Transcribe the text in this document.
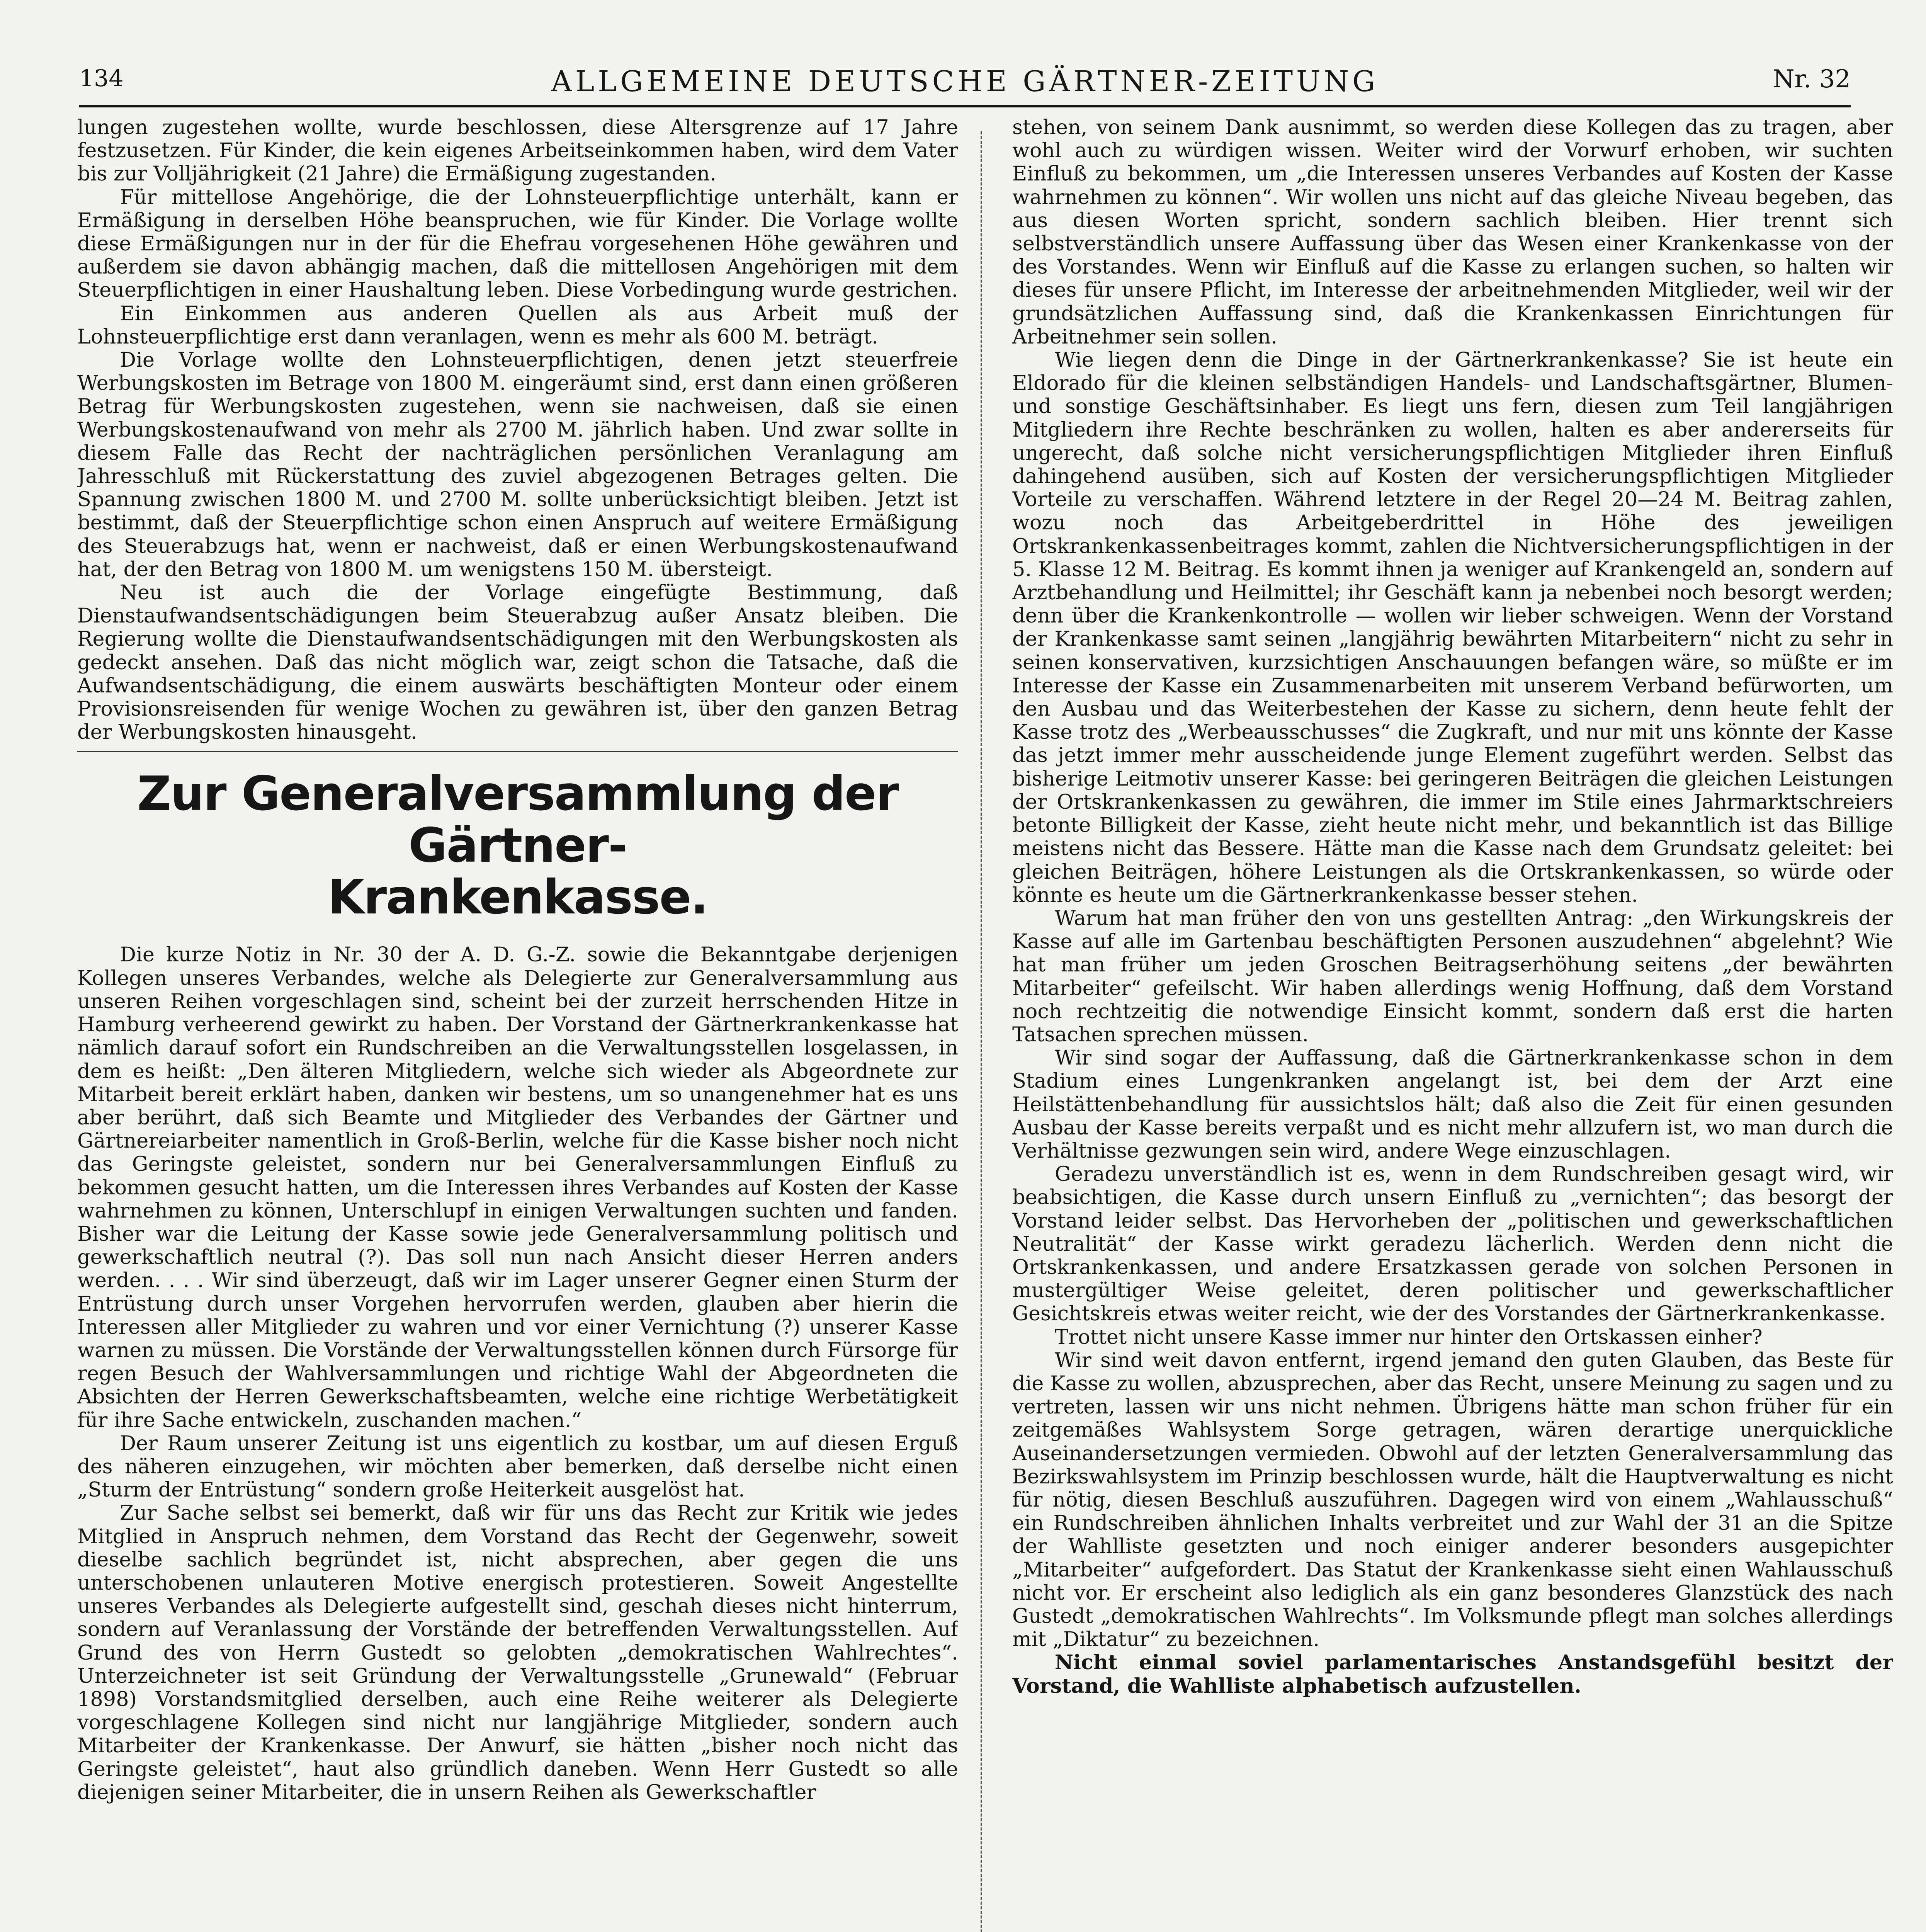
134	ALLGEMEINE DEUTSCHE GÄRTNER-ZEITUNG	Nr. 32

lungen zugestehen wollte, wurde beschlossen, diese Altersgrenze auf 17 Jahre festzusetzen. Für Kinder, die kein eigenes Arbeitseinkommen haben, wird dem Vater bis zur Volljährigkeit (21 Jahre) die Ermäßigung zugestanden.

Für mittellose Angehörige, die der Lohnsteuerpflichtige unterhält, kann er Ermäßigung in derselben Höhe beanspruchen, wie für Kinder. Die Vorlage wollte diese Ermäßigungen nur in der für die Ehefrau vorgesehenen Höhe gewähren und außerdem sie davon abhängig machen, daß die mittellosen Angehörigen mit dem Steuerpflichtigen in einer Haushaltung leben. Diese Vorbedingung wurde gestrichen.

Ein Einkommen aus anderen Quellen als aus Arbeit muß der Lohnsteuerpflichtige erst dann veranlagen, wenn es mehr als 600 M. beträgt.

Die Vorlage wollte den Lohnsteuerpflichtigen, denen jetzt steuerfreie Werbungskosten im Betrage von 1800 M. eingeräumt sind, erst dann einen größeren Betrag für Werbungskosten zugestehen, wenn sie nachweisen, daß sie einen Werbungskostenaufwand von mehr als 2700 M. jährlich haben. Und zwar sollte in diesem Falle das Recht der nachträglichen persönlichen Veranlagung am Jahresschluß mit Rückerstattung des zuviel abgezogenen Betrages gelten. Die Spannung zwischen 1800 M. und 2700 M. sollte unberücksichtigt bleiben. Jetzt ist bestimmt, daß der Steuerpflichtige schon einen Anspruch auf weitere Ermäßigung des Steuerabzugs hat, wenn er nachweist, daß er einen Werbungskostenaufwand hat, der den Betrag von 1800 M. um wenigstens 150 M. übersteigt.

Neu ist auch die der Vorlage eingefügte Bestimmung, daß Dienstaufwandsentschädigungen beim Steuerabzug außer Ansatz bleiben. Die Regierung wollte die Dienstaufwandsentschädigungen mit den Werbungskosten als gedeckt ansehen. Daß das nicht möglich war, zeigt schon die Tatsache, daß die Aufwandsentschädigung, die einem auswärts beschäftigten Monteur oder einem Provisionsreisenden für wenige Wochen zu gewähren ist, über den ganzen Betrag der Werbungskosten hinausgeht.

Zur Generalversammlung der Gärtner-
Krankenkasse.

Die kurze Notiz in Nr. 30 der A. D. G.-Z. sowie die Bekanntgabe derjenigen Kollegen unseres Verbandes, welche als Delegierte zur Generalversammlung aus unseren Reihen vorgeschlagen sind, scheint bei der zurzeit herrschenden Hitze in Hamburg verheerend gewirkt zu haben. Der Vorstand der Gärtnerkrankenkasse hat nämlich darauf sofort ein Rundschreiben an die Verwaltungsstellen losgelassen, in dem es heißt: „Den älteren Mitgliedern, welche sich wieder als Abgeordnete zur Mitarbeit bereit erklärt haben, danken wir bestens, um so unangenehmer hat es uns aber berührt, daß sich Beamte und Mitglieder des Verbandes der Gärtner und Gärtnereiarbeiter namentlich in Groß-Berlin, welche für die Kasse bisher noch nicht das Geringste geleistet, sondern nur bei Generalversammlungen Einfluß zu bekommen gesucht hatten, um die Interessen ihres Verbandes auf Kosten der Kasse wahrnehmen zu können, Unterschlupf in einigen Verwaltungen suchten und fanden. Bisher war die Leitung der Kasse sowie jede Generalversammlung politisch und gewerkschaftlich neutral (?). Das soll nun nach Ansicht dieser Herren anders werden. . . . Wir sind überzeugt, daß wir im Lager unserer Gegner einen Sturm der Entrüstung durch unser Vorgehen hervorrufen werden, glauben aber hierin die Interessen aller Mitglieder zu wahren und vor einer Vernichtung (?) unserer Kasse warnen zu müssen. Die Vorstände der Verwaltungsstellen können durch Fürsorge für regen Besuch der Wahlversammlungen und richtige Wahl der Abgeordneten die Absichten der Herren Gewerkschaftsbeamten, welche eine richtige Werbetätigkeit für ihre Sache entwickeln, zuschanden machen.“

Der Raum unserer Zeitung ist uns eigentlich zu kostbar, um auf diesen Erguß des näheren einzugehen, wir möchten aber bemerken, daß derselbe nicht einen „Sturm der Entrüstung“ sondern große Heiterkeit ausgelöst hat.

Zur Sache selbst sei bemerkt, daß wir für uns das Recht zur Kritik wie jedes Mitglied in Anspruch nehmen, dem Vorstand das Recht der Gegenwehr, soweit dieselbe sachlich begründet ist, nicht absprechen, aber gegen die uns unterschobenen unlauteren Motive energisch protestieren. Soweit Angestellte unseres Verbandes als Delegierte aufgestellt sind, geschah dieses nicht hinterrum, sondern auf Veranlassung der Vorstände der betreffenden Verwaltungsstellen. Auf Grund des von Herrn Gustedt so gelobten „demokratischen Wahlrechtes“. Unterzeichneter ist seit Gründung der Verwaltungsstelle „Grunewald“ (Februar 1898) Vorstandsmitglied derselben, auch eine Reihe weiterer als Delegierte vorgeschlagene Kollegen sind nicht nur langjährige Mitglieder, sondern auch Mitarbeiter der Krankenkasse. Der Anwurf, sie hätten „bisher noch nicht das Geringste geleistet“, haut also gründlich daneben. Wenn Herr Gustedt so alle diejenigen seiner Mitarbeiter, die in unsern Reihen als Gewerkschaftler

stehen, von seinem Dank ausnimmt, so werden diese Kollegen das zu tragen, aber wohl auch zu würdigen wissen. Weiter wird der Vorwurf erhoben, wir suchten Einfluß zu bekommen, um „die Interessen unseres Verbandes auf Kosten der Kasse wahrnehmen zu können“. Wir wollen uns nicht auf das gleiche Niveau begeben, das aus diesen Worten spricht, sondern sachlich bleiben. Hier trennt sich selbstverständlich unsere Auffassung über das Wesen einer Krankenkasse von der des Vorstandes. Wenn wir Einfluß auf die Kasse zu erlangen suchen, so halten wir dieses für unsere Pflicht, im Interesse der arbeitnehmenden Mitglieder, weil wir der grundsätzlichen Auffassung sind, daß die Krankenkassen Einrichtungen für Arbeitnehmer sein sollen.

Wie liegen denn die Dinge in der Gärtnerkrankenkasse? Sie ist heute ein Eldorado für die kleinen selbständigen Handels- und Landschaftsgärtner, Blumen- und sonstige Geschäftsinhaber. Es liegt uns fern, diesen zum Teil langjährigen Mitgliedern ihre Rechte beschränken zu wollen, halten es aber andererseits für ungerecht, daß solche nicht versicherungspflichtigen Mitglieder ihren Einfluß dahingehend ausüben, sich auf Kosten der versicherungspflichtigen Mitglieder Vorteile zu verschaffen. Während letztere in der Regel 20—24 M. Beitrag zahlen, wozu noch das Arbeitgeberdrittel in Höhe des jeweiligen Ortskrankenkassenbeitrages kommt, zahlen die Nichtversicherungspflichtigen in der 5. Klasse 12 M. Beitrag. Es kommt ihnen ja weniger auf Krankengeld an, sondern auf Arztbehandlung und Heilmittel; ihr Geschäft kann ja nebenbei noch besorgt werden; denn über die Krankenkontrolle — wollen wir lieber schweigen. Wenn der Vorstand der Krankenkasse samt seinen „langjährig bewährten Mitarbeitern“ nicht zu sehr in seinen konservativen, kurzsichtigen Anschauungen befangen wäre, so müßte er im Interesse der Kasse ein Zusammenarbeiten mit unserem Verband befürworten, um den Ausbau und das Weiterbestehen der Kasse zu sichern, denn heute fehlt der Kasse trotz des „Werbeausschusses“ die Zugkraft, und nur mit uns könnte der Kasse das jetzt immer mehr ausscheidende junge Element zugeführt werden. Selbst das bisherige Leitmotiv unserer Kasse: bei geringeren Beiträgen die gleichen Leistungen der Ortskrankenkassen zu gewähren, die immer im Stile eines Jahrmarktschreiers betonte Billigkeit der Kasse, zieht heute nicht mehr, und bekanntlich ist das Billige meistens nicht das Bessere. Hätte man die Kasse nach dem Grundsatz geleitet: bei gleichen Beiträgen, höhere Leistungen als die Ortskrankenkassen, so würde oder könnte es heute um die Gärtnerkrankenkasse besser stehen.

Warum hat man früher den von uns gestellten Antrag: „den Wirkungskreis der Kasse auf alle im Gartenbau beschäftigten Personen auszudehnen“ abgelehnt? Wie hat man früher um jeden Groschen Beitragserhöhung seitens „der bewährten Mitarbeiter“ gefeilscht. Wir haben allerdings wenig Hoffnung, daß dem Vorstand noch rechtzeitig die notwendige Einsicht kommt, sondern daß erst die harten Tatsachen sprechen müssen.

Wir sind sogar der Auffassung, daß die Gärtnerkrankenkasse schon in dem Stadium eines Lungenkranken angelangt ist, bei dem der Arzt eine Heilstättenbehandlung für aussichtslos hält; daß also die Zeit für einen gesunden Ausbau der Kasse bereits verpaßt und es nicht mehr allzufern ist, wo man durch die Verhältnisse gezwungen sein wird, andere Wege einzuschlagen.

Geradezu unverständlich ist es, wenn in dem Rundschreiben gesagt wird, wir beabsichtigen, die Kasse durch unsern Einfluß zu „vernichten“; das besorgt der Vorstand leider selbst. Das Hervorheben der „politischen und gewerkschaftlichen Neutralität“ der Kasse wirkt geradezu lächerlich. Werden denn nicht die Ortskrankenkassen, und andere Ersatzkassen gerade von solchen Personen in mustergültiger Weise geleitet, deren politischer und gewerkschaftlicher Gesichtskreis etwas weiter reicht, wie der des Vorstandes der Gärtnerkrankenkasse.

Trottet nicht unsere Kasse immer nur hinter den Ortskassen einher?

Wir sind weit davon entfernt, irgend jemand den guten Glauben, das Beste für die Kasse zu wollen, abzusprechen, aber das Recht, unsere Meinung zu sagen und zu vertreten, lassen wir uns nicht nehmen. Übrigens hätte man schon früher für ein zeitgemäßes Wahlsystem Sorge getragen, wären derartige unerquickliche Auseinandersetzungen vermieden. Obwohl auf der letzten Generalversammlung das Bezirkswahlsystem im Prinzip beschlossen wurde, hält die Hauptverwaltung es nicht für nötig, diesen Beschluß auszuführen. Dagegen wird von einem „Wahlausschuß“ ein Rundschreiben ähnlichen Inhalts verbreitet und zur Wahl der 31 an die Spitze der Wahlliste gesetzten und noch einiger anderer besonders ausgepichter „Mitarbeiter“ aufgefordert. Das Statut der Krankenkasse sieht einen Wahlausschuß nicht vor. Er erscheint also lediglich als ein ganz besonderes Glanzstück des nach Gustedt „demokratischen Wahlrechts“. Im Volksmunde pflegt man solches allerdings mit „Diktatur“ zu bezeichnen.

Nicht einmal soviel parlamentarisches Anstandsgefühl besitzt der Vorstand, die Wahlliste alphabetisch aufzustellen.
